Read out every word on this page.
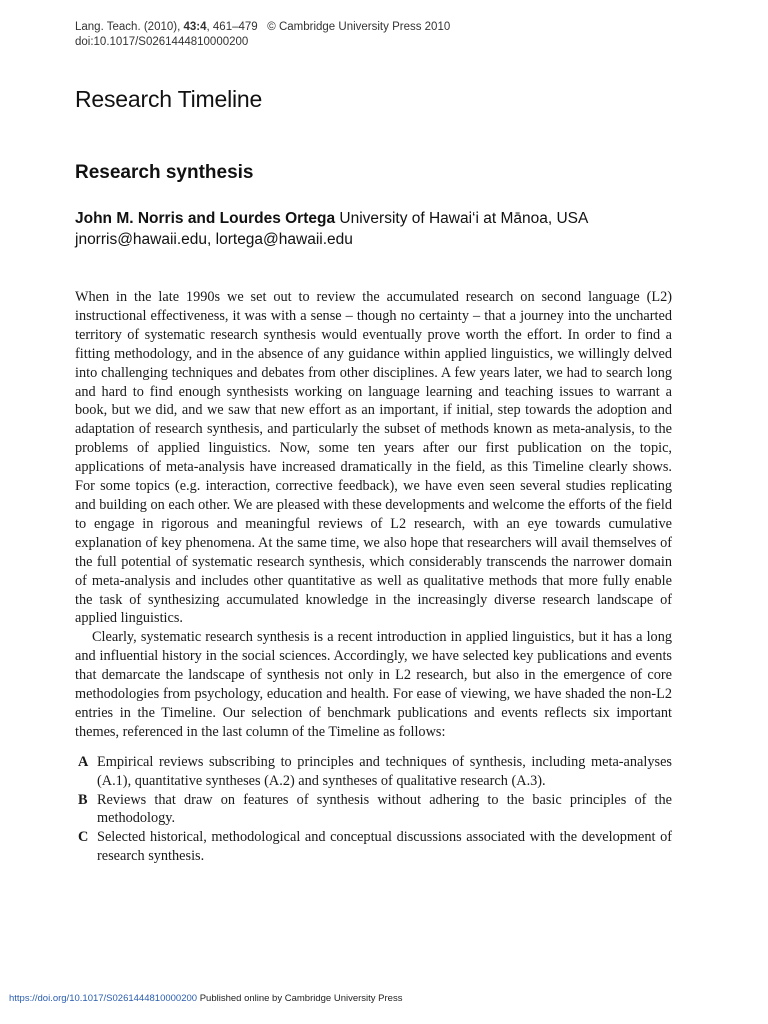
Lang. Teach. (2010), 43:4, 461–479 © Cambridge University Press 2010
doi:10.1017/S0261444810000200
Research Timeline
Research synthesis
John M. Norris and Lourdes Ortega University of Hawai‘i at Mānoa, USA
jnorris@hawaii.edu, lortega@hawaii.edu

When in the late 1990s we set out to review the accumulated research on second language (L2) instructional effectiveness, it was with a sense – though no certainty – that a journey into the uncharted territory of systematic research synthesis would eventually prove worth the effort. In order to find a fitting methodology, and in the absence of any guidance within applied linguistics, we willingly delved into challenging techniques and debates from other disciplines. A few years later, we had to search long and hard to find enough synthesists working on language learning and teaching issues to warrant a book, but we did, and we saw that new effort as an important, if initial, step towards the adoption and adaptation of research synthesis, and particularly the subset of methods known as meta-analysis, to the problems of applied linguistics. Now, some ten years after our first publication on the topic, applications of meta-analysis have increased dramatically in the field, as this Timeline clearly shows. For some topics (e.g. interaction, corrective feedback), we have even seen several studies replicating and building on each other. We are pleased with these developments and welcome the efforts of the field to engage in rigorous and meaningful reviews of L2 research, with an eye towards cumulative explanation of key phenomena. At the same time, we also hope that researchers will avail themselves of the full potential of systematic research synthesis, which considerably transcends the narrower domain of meta-analysis and includes other quantitative as well as qualitative methods that more fully enable the task of synthesizing accumulated knowledge in the increasingly diverse research landscape of applied linguistics.

Clearly, systematic research synthesis is a recent introduction in applied linguistics, but it has a long and influential history in the social sciences. Accordingly, we have selected key publications and events that demarcate the landscape of synthesis not only in L2 research, but also in the emergence of core methodologies from psychology, education and health. For ease of viewing, we have shaded the non-L2 entries in the Timeline. Our selection of benchmark publications and events reflects six important themes, referenced in the last column of the Timeline as follows:

A Empirical reviews subscribing to principles and techniques of synthesis, including meta-analyses (A.1), quantitative syntheses (A.2) and syntheses of qualitative research (A.3).
B Reviews that draw on features of synthesis without adhering to the basic principles of the methodology.
C Selected historical, methodological and conceptual discussions associated with the development of research synthesis.
https://doi.org/10.1017/S0261444810000200 Published online by Cambridge University Press
